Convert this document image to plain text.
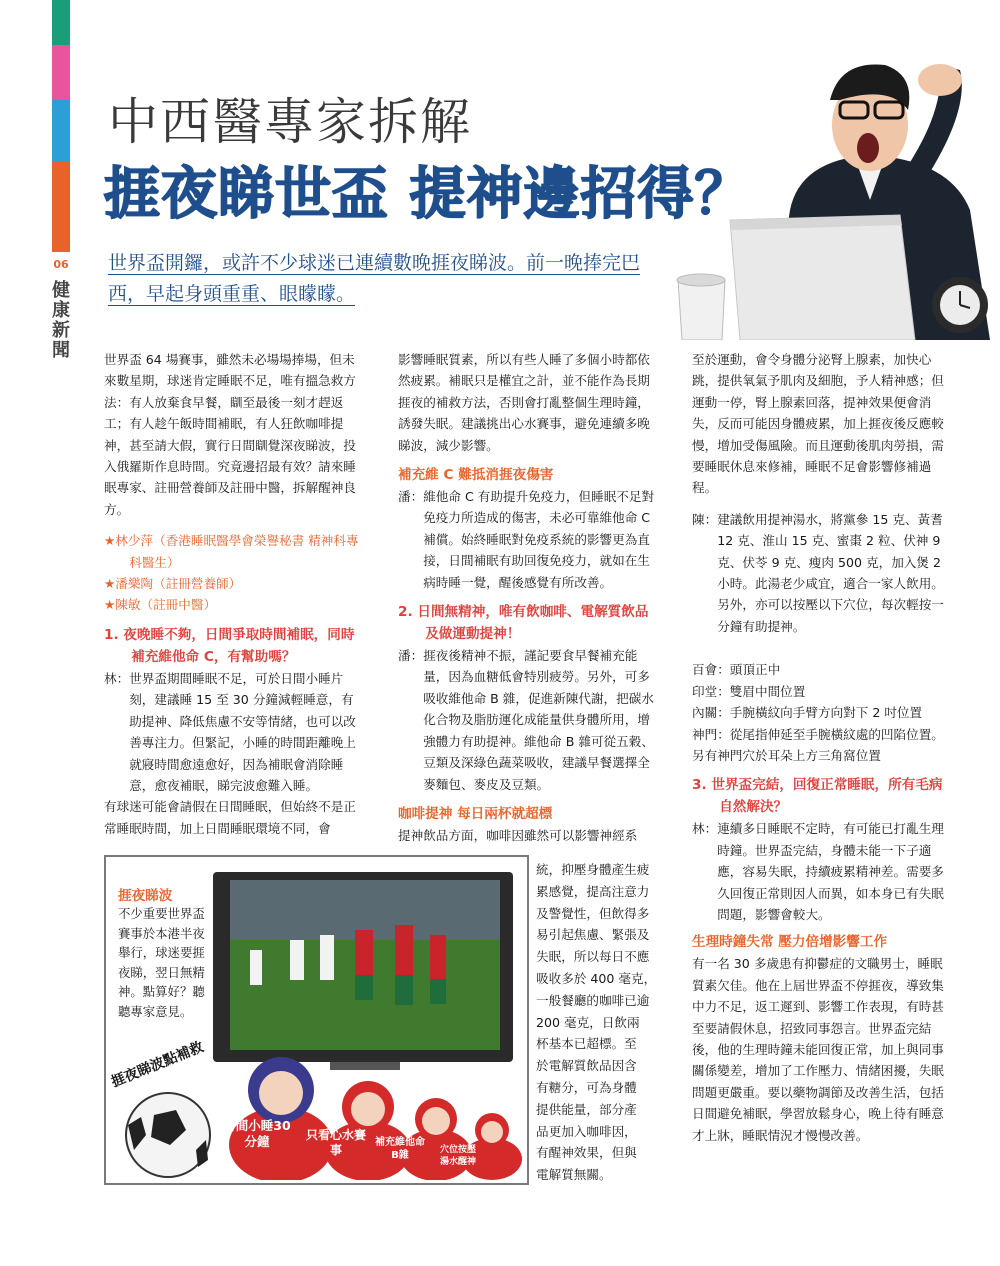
06
健康新聞
中西醫專家拆解
捱夜睇世盃 提神邊招得？
世界盃開鑼，或許不少球迷已連續數晚捱夜睇波。前一晚捧完巴西，早起身頭重重、眼矇矇。

世界盃 64 場賽事，雖然未必場場捧場，但未來數星期，球迷肯定睡眠不足，唯有搵急救方法：有人放棄食早餐，瞓至最後一刻才趕返工；有人趁午飯時間補眠，有人狂飲咖啡提神，甚至請大假，實行日間瞓覺深夜睇波，投入俄羅斯作息時間。究竟邊招最有效？請來睡眠專家、註冊營養師及註冊中醫，拆解醒神良方。

★林少萍（香港睡眠醫學會榮譽秘書 精神科專科醫生）

★潘樂陶（註冊營養師）

★陳敏（註冊中醫）

1. 夜晚睡不夠，日間爭取時間補眠，同時補充維他命 C，有幫助嗎？

林： 世界盃期間睡眠不足，可於日間小睡片刻，建議睡 15 至 30 分鐘減輕睡意，有助提神、降低焦慮不安等情緒，也可以改善專注力。但緊記，小睡的時間距離晚上就寢時間愈遠愈好，因為補眠會消除睡意，愈夜補眠，睇完波愈難入睡。

有球迷可能會請假在日間睡眠，但始終不是正常睡眠時間，加上日間睡眠環境不同，會

影響睡眠質素，所以有些人睡了多個小時都依然疲累。補眠只是權宜之計，並不能作為長期捱夜的補救方法，否則會打亂整個生理時鐘，誘發失眠。建議挑出心水賽事，避免連續多晚睇波，減少影響。

補充維 C 難抵消捱夜傷害

潘： 維他命 C 有助提升免疫力，但睡眠不足對免疫力所造成的傷害，未必可靠維他命 C 補償。始終睡眠對免疫系統的影響更為直接，日間補眠有助回復免疫力，就如在生病時睡一覺，醒後感覺有所改善。

2. 日間無精神，唯有飲咖啡、電解質飲品及做運動提神！

潘： 捱夜後精神不振，謹記要食早餐補充能量，因為血糖低會特別疲勞。另外，可多吸收維他命 B 雜，促進新陳代謝，把碳水化合物及脂肪運化成能量供身體所用，增強體力有助提神。維他命 B 雜可從五穀、豆類及深綠色蔬菜吸收，建議早餐選擇全麥麵包、麥皮及豆類。

咖啡提神 每日兩杯就超標

提神飲品方面，咖啡因雖然可以影響神經系

統，抑壓身體產生疲
累感覺，提高注意力
及警覺性，但飲得多
易引起焦慮、緊張及
失眠，所以每日不應
吸收多於 400 毫克，
一般餐廳的咖啡已逾
200 毫克，日飲兩
杯基本已超標。至
於電解質飲品因含
有糖分，可為身體
提供能量，部分產
品更加入咖啡因，
有醒神效果，但與
電解質無關。

至於運動，會令身體分泌腎上腺素，加快心跳，提供氧氣予肌肉及細胞，予人精神感；但運動一停，腎上腺素回落，提神效果便會消失，反而可能因身體疲累，加上捱夜後反應較慢，增加受傷風險。而且運動後肌肉勞損，需要睡眠休息來修補，睡眠不足會影響修補過程。

陳： 建議飲用提神湯水，將黨參 15 克、黃耆 12 克、淮山 15 克、蜜棗 2 粒、伏神 9 克、伏苓 9 克、瘦肉 500 克，加入煲 2 小時。此湯老少咸宜，適合一家人飲用。另外，亦可以按壓以下穴位，每次輕按一分鐘有助提神。

百會：頭頂正中

印堂：雙眉中間位置

內關：手腕橫紋向手臂方向對下 2 吋位置

神門：從尾指伸延至手腕橫紋處的凹陷位置。

另有神門穴於耳朵上方三角窩位置

3. 世界盃完結，回復正常睡眠，所有毛病自然解決？

林： 連續多日睡眠不定時，有可能已打亂生理時鐘。世界盃完結，身體未能一下子適應，容易失眠，持續疲累精神差。需要多久回復正常則因人而異，如本身已有失眠問題，影響會較大。

生理時鐘失常 壓力倍增影響工作

有一名 30 多歲患有抑鬱症的文職男士，睡眠質素欠佳。他在上屆世界盃不停捱夜，導致集中力不足，返工遲到、影響工作表現，有時甚至要請假休息，招致同事怨言。世界盃完結後，他的生理時鐘未能回復正常，加上與同事關係變差，增加了工作壓力、情緒困擾，失眠問題更嚴重。要以藥物調節及改善生活，包括日間避免補眠，學習放鬆身心，晚上待有睡意才上牀，睡眠情況才慢慢改善。

捱夜睇波
不少重要世界盃賽事於本港半夜舉行，球迷要捱夜睇，翌日無精神。點算好？聽聽專家意見。
捱夜睇波點補救
日間小睡30分鐘	只看心水賽事
補充維他命B雜	穴位按壓湯水醒神
